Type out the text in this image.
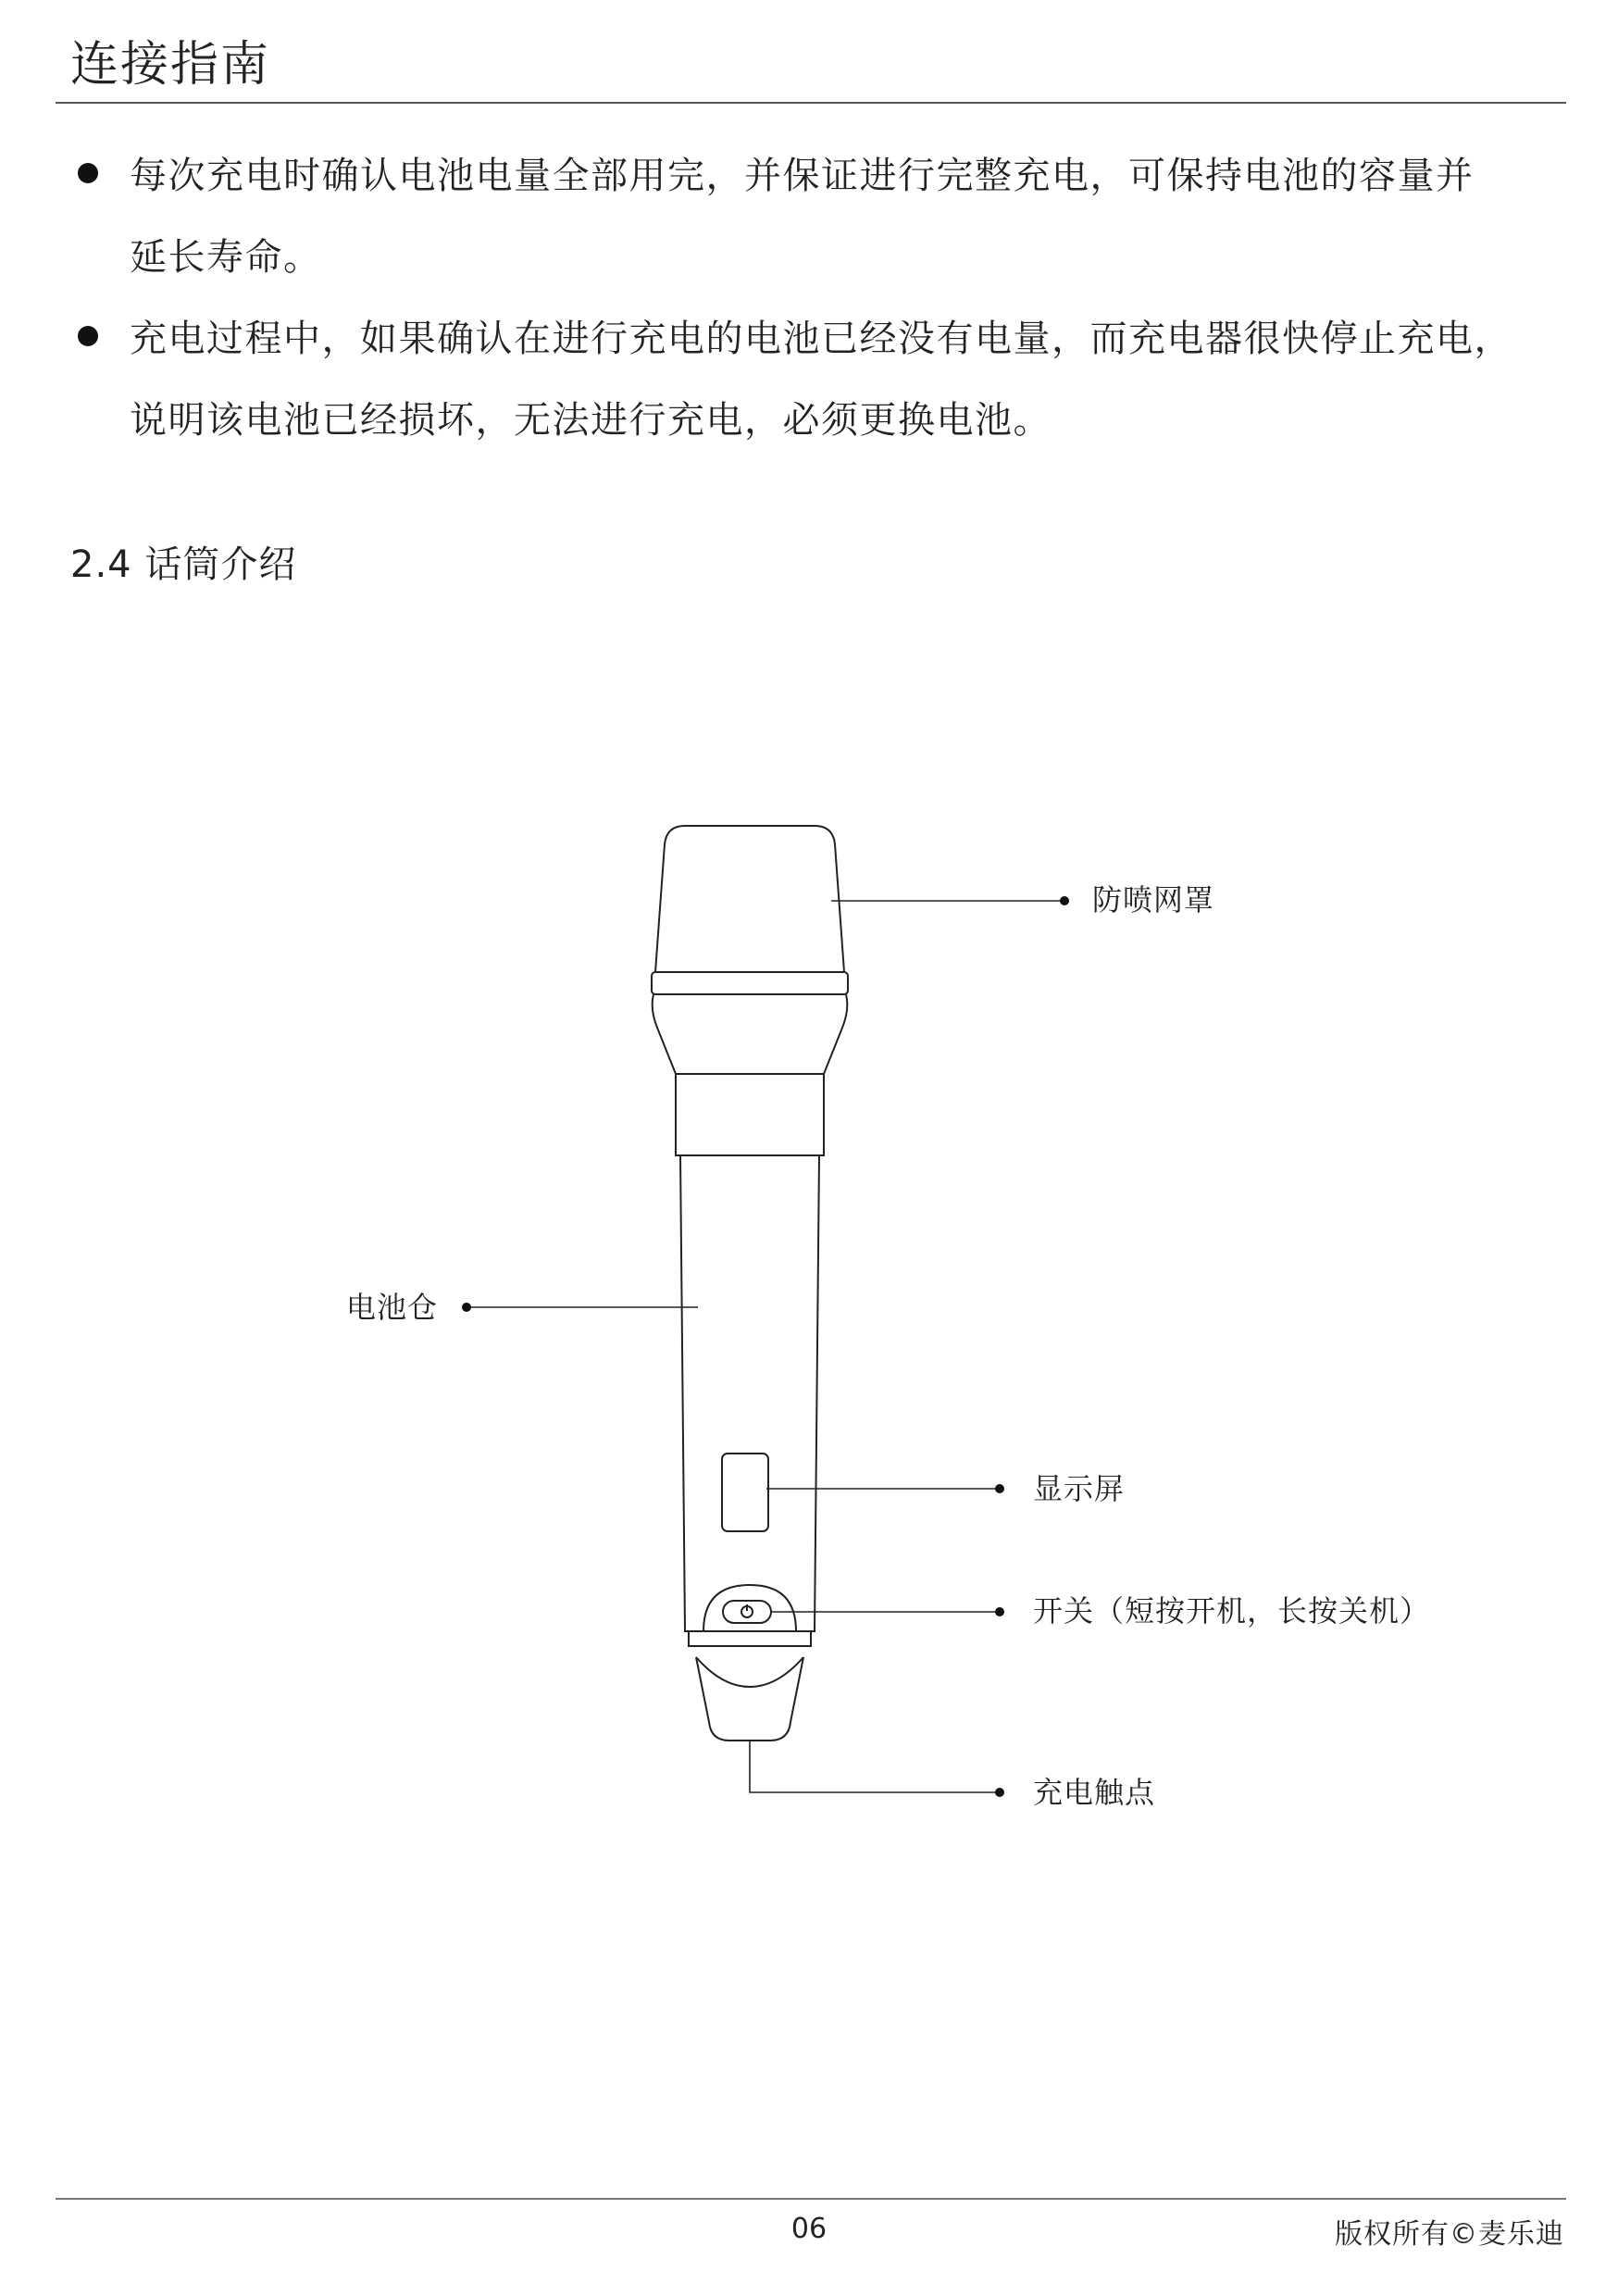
连接指南
每次充电时确认电池电量全部用完，并保证进行完整充电，可保持电池的容量并
延长寿命。
充电过程中，如果确认在进行充电的电池已经没有电量，而充电器很快停止充电，
说明该电池已经损坏，无法进行充电，必须更换电池。
2.4 话筒介绍
防喷网罩
电池仓
显示屏
开关（短按开机，长按关机）
充电触点
06	版权所有©麦乐迪
